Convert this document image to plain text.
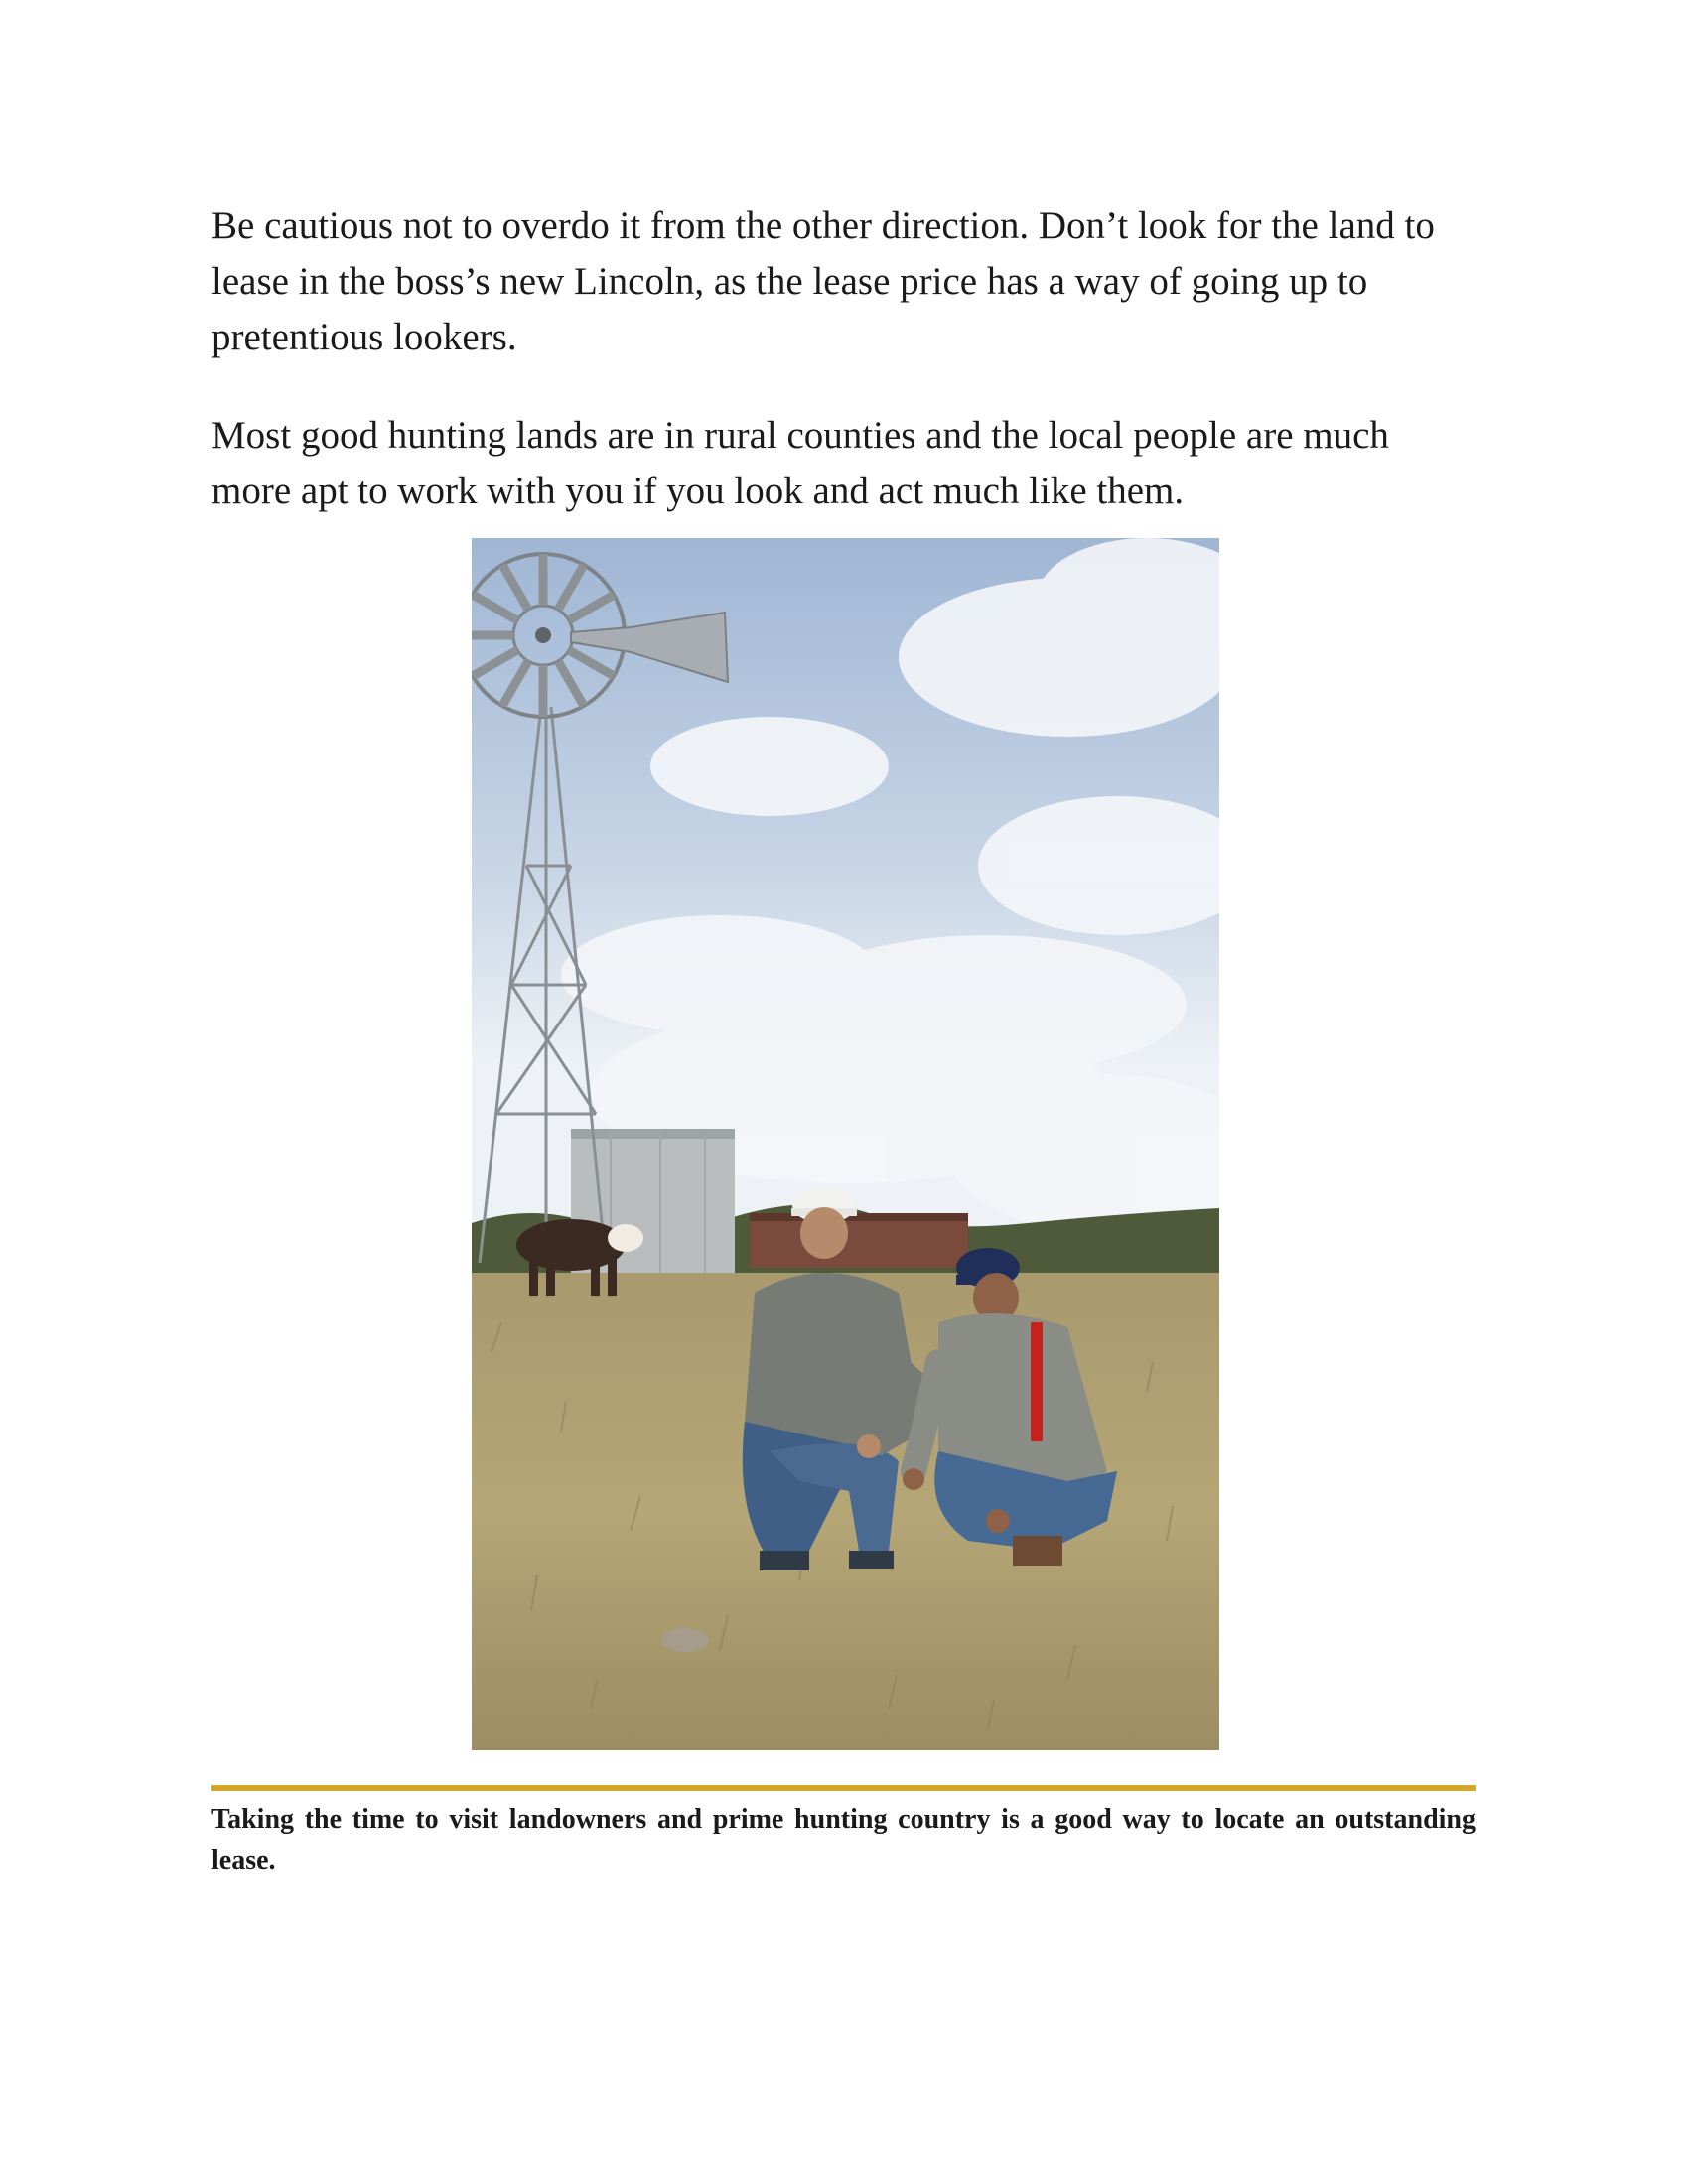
Be cautious not to overdo it from the other direction. Don’t look for the land to lease in the boss’s new Lincoln, as the lease price has a way of going up to pretentious lookers.

Most good hunting lands are in rural counties and the local people are much more apt to work with you if you look and act much like them.

Taking the time to visit landowners and prime hunting country is a good way to locate an outstanding lease.
